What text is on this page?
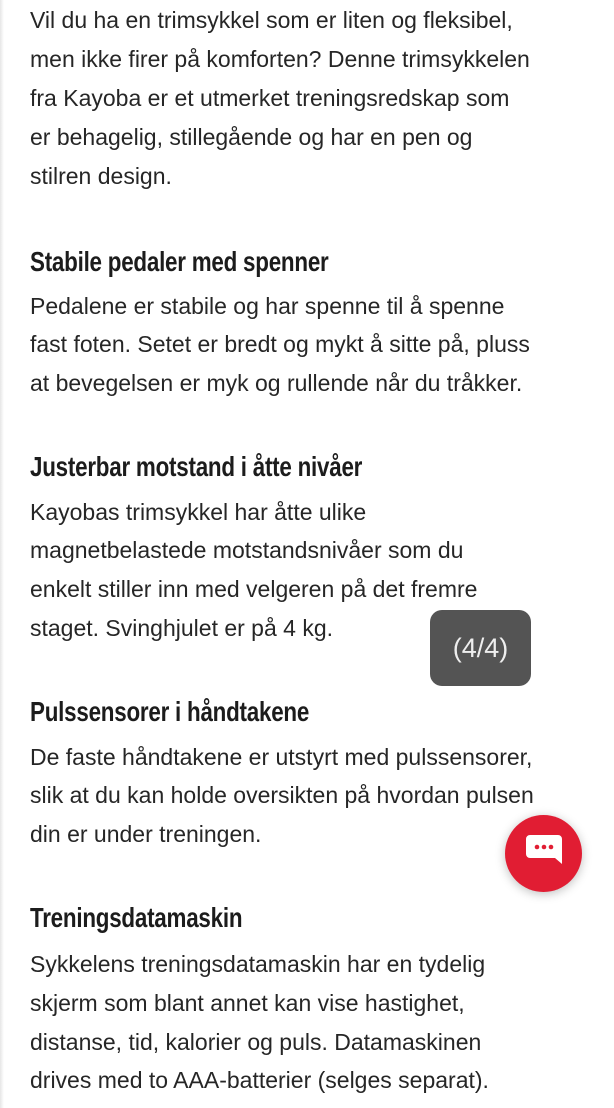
Vil du ha en trimsykkel som er liten og fleksibel,
men ikke firer på komforten? Denne trimsykkelen
fra Kayoba er et utmerket treningsredskap som
er behagelig, stillegående og har en pen og
stilren design.
Stabile pedaler med spenner
Pedalene er stabile og har spenne til å spenne
fast foten. Setet er bredt og mykt å sitte på, pluss
at bevegelsen er myk og rullende når du tråkker.
Justerbar motstand i åtte nivåer
Kayobas trimsykkel har åtte ulike
magnetbelastede motstandsnivåer som du
enkelt stiller inn med velgeren på det fremre
staget. Svinghjulet er på 4 kg.
Pulssensorer i håndtakene
De faste håndtakene er utstyrt med pulssensorer,
slik at du kan holde oversikten på hvordan pulsen
din er under treningen.
Treningsdatamaskin
Sykkelens treningsdatamaskin har en tydelig
skjerm som blant annet kan vise hastighet,
distanse, tid, kalorier og puls. Datamaskinen
drives med to AAA-batterier (selges separat).
(4/4)
